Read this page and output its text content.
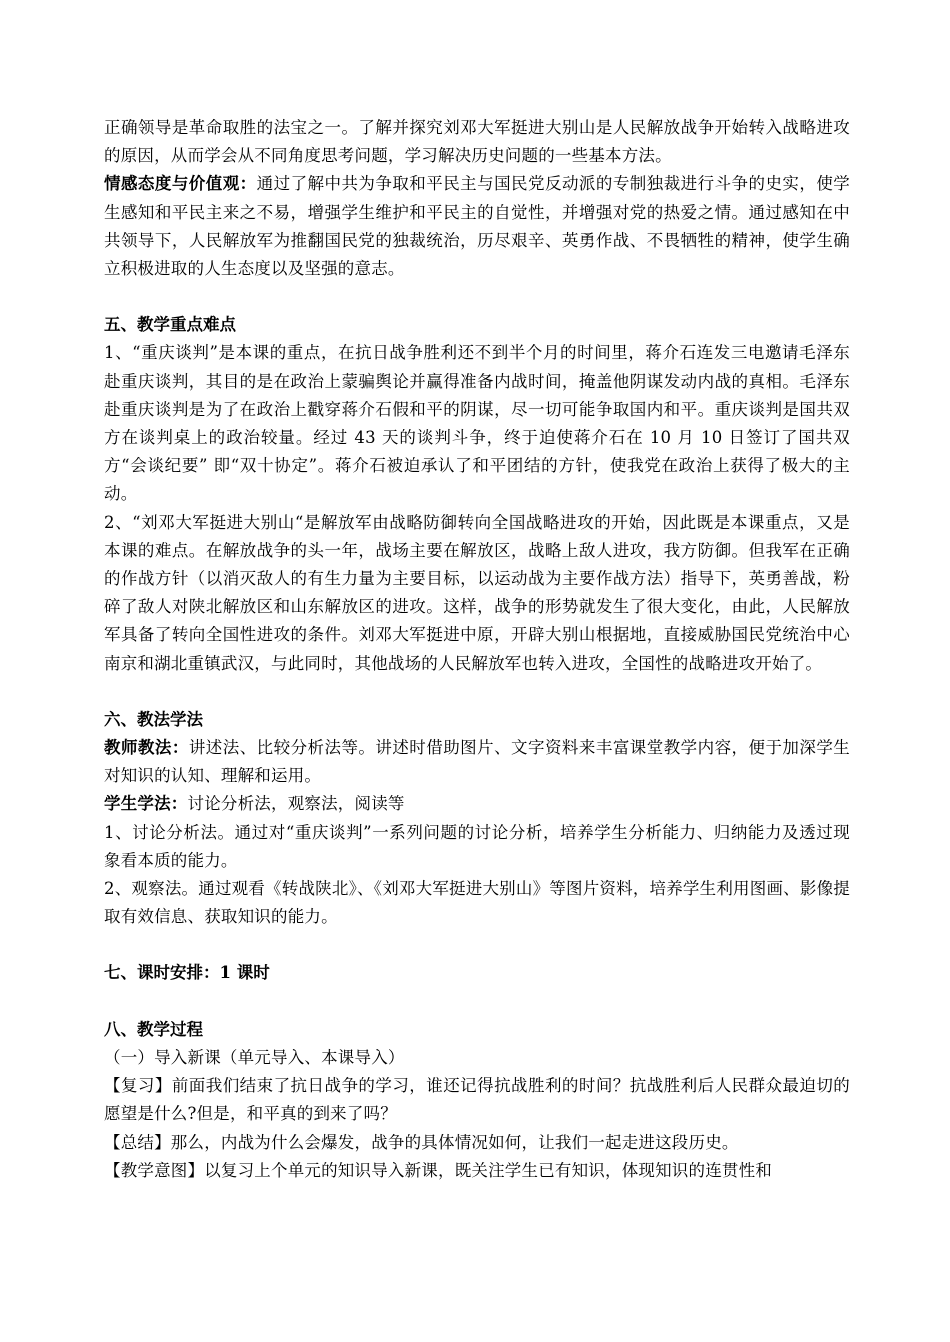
正确领导是革命取胜的法宝之一。了解并探究刘邓大军挺进大别山是人民解放战争开始转入战略进攻的原因，从而学会从不同角度思考问题，学习解决历史问题的一些基本方法。

情感态度与价值观：通过了解中共为争取和平民主与国民党反动派的专制独裁进行斗争的史实，使学生感知和平民主来之不易，增强学生维护和平民主的自觉性，并增强对党的热爱之情。通过感知在中共领导下，人民解放军为推翻国民党的独裁统治，历尽艰辛、英勇作战、不畏牺牲的精神，使学生确立积极进取的人生态度以及坚强的意志。

五、教学重点难点

1、“重庆谈判”是本课的重点，在抗日战争胜利还不到半个月的时间里，蒋介石连发三电邀请毛泽东赴重庆谈判，其目的是在政治上蒙骗舆论并赢得准备内战时间，掩盖他阴谋发动内战的真相。毛泽东赴重庆谈判是为了在政治上戳穿蒋介石假和平的阴谋，尽一切可能争取国内和平。重庆谈判是国共双方在谈判桌上的政治较量。经过 43 天的谈判斗争，终于迫使蒋介石在 10 月 10 日签订了国共双方“会谈纪要” 即“双十协定”。蒋介石被迫承认了和平团结的方针，使我党在政治上获得了极大的主动。

2、“刘邓大军挺进大别山“是解放军由战略防御转向全国战略进攻的开始，因此既是本课重点，又是本课的难点。在解放战争的头一年，战场主要在解放区，战略上敌人进攻，我方防御。但我军在正确的作战方针（以消灭敌人的有生力量为主要目标，以运动战为主要作战方法）指导下，英勇善战，粉碎了敌人对陕北解放区和山东解放区的进攻。这样，战争的形势就发生了很大变化，由此，人民解放军具备了转向全国性进攻的条件。刘邓大军挺进中原，开辟大别山根据地，直接威胁国民党统治中心南京和湖北重镇武汉，与此同时，其他战场的人民解放军也转入进攻，全国性的战略进攻开始了。

六、教法学法

教师教法：讲述法、比较分析法等。讲述时借助图片、文字资料来丰富课堂教学内容，便于加深学生对知识的认知、理解和运用。

学生学法：讨论分析法，观察法，阅读等

1、讨论分析法。通过对“重庆谈判”一系列问题的讨论分析，培养学生分析能力、归纳能力及透过现象看本质的能力。

2、观察法。通过观看《转战陕北》、《刘邓大军挺进大别山》等图片资料，培养学生利用图画、影像提取有效信息、获取知识的能力。

七、课时安排：1 课时

八、教学过程

（一）导入新课（单元导入、本课导入）

【复习】前面我们结束了抗日战争的学习，谁还记得抗战胜利的时间？抗战胜利后人民群众最迫切的愿望是什么?但是，和平真的到来了吗？

【总结】那么，内战为什么会爆发，战争的具体情况如何，让我们一起走进这段历史。

【教学意图】以复习上个单元的知识导入新课，既关注学生已有知识，体现知识的连贯性和
